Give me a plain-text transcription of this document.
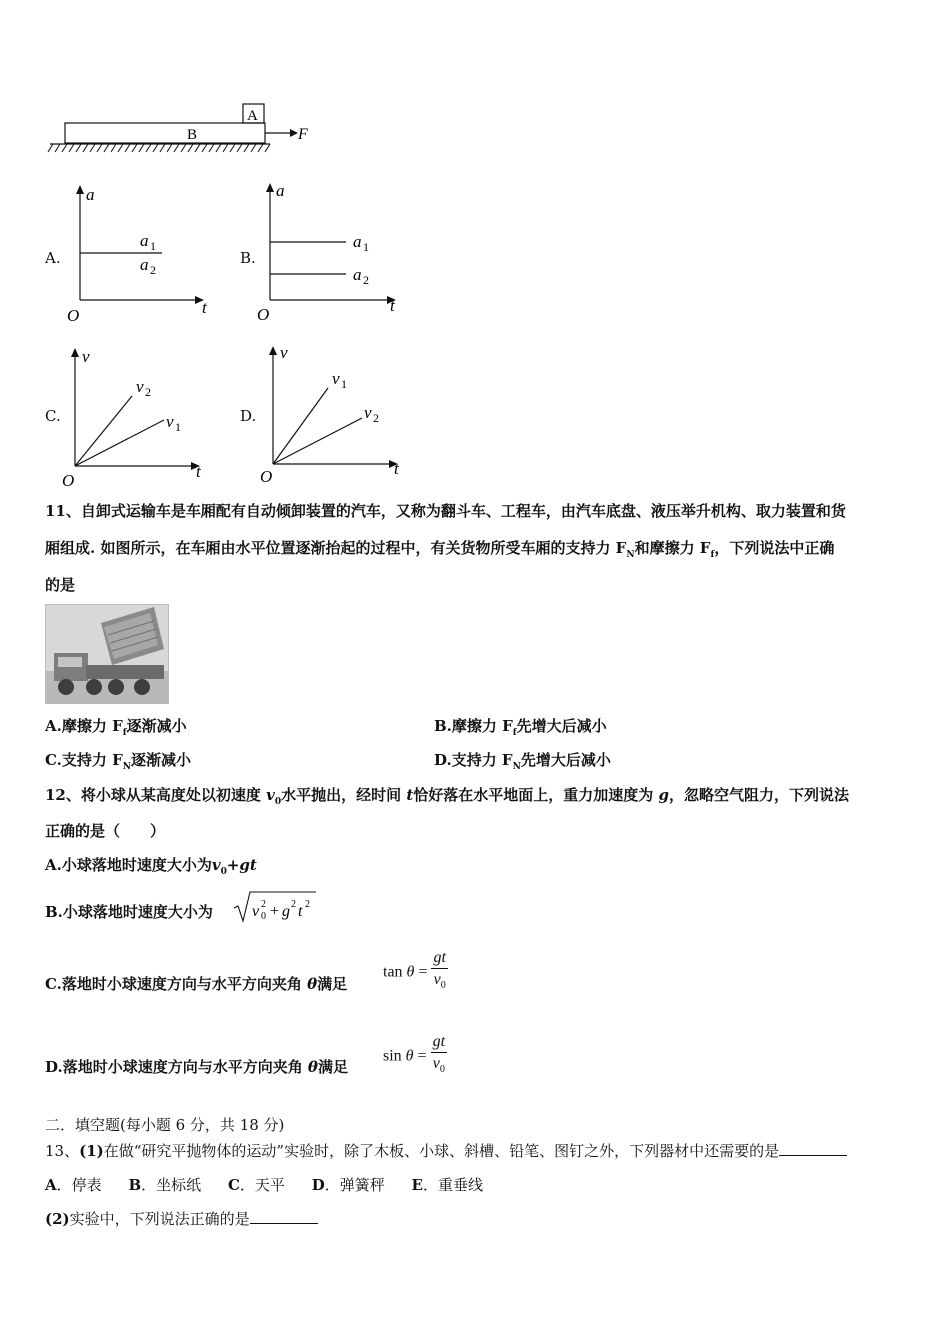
A
B	F
A.
a
t
O
a 1
a 2
B.
a
t
O
a 1
a 2
C.
v
t
O
v 2
v 1
D.
v
t
O
v 1
v 2
11、自卸式运输车是车厢配有自动倾卸装置的汽车，又称为翻斗车、工程车，由汽车底盘、液压举升机构、取力装置和货
厢组成. 如图所示，在车厢由水平位置逐渐抬起的过程中，有关货物所受车厢的支持力 $F_N$和摩擦力 $F_f$，下列说法中正确
的是
A.摩擦力 $F_f$逐渐减小	B.摩擦力 $F_f$先增大后减小
C.支持力 $F_N$逐渐减小	D.支持力 $F_N$先增大后减小
12、将小球从某高度处以初速度 $v_0$水平抛出，经时间 t恰好落在水平地面上，重力加速度为 g，忽略空气阻力，下列说法
正确的是（　　）
A.小球落地时速度大小为$v_0+gt$
B.小球落地时速度大小为 v 0
2 + g 2 t 2
C.落地时小球速度方向与水平方向夹角 θ满足
$\tan \theta = \frac{gt}{v_0}$
D.落地时小球速度方向与水平方向夹角 θ满足
$\sin \theta = \frac{gt}{v_0}$
二．填空题(每小题 6 分，共 18 分)
13、(1)在做“研究平抛物体的运动”实验时，除了木板、小球、斜槽、铅笔、图钉之外，下列器材中还需要的是
A．停表 B．坐标纸 C．天平 D．弹簧秤 E．重垂线
(2)实验中，下列说法正确的是
